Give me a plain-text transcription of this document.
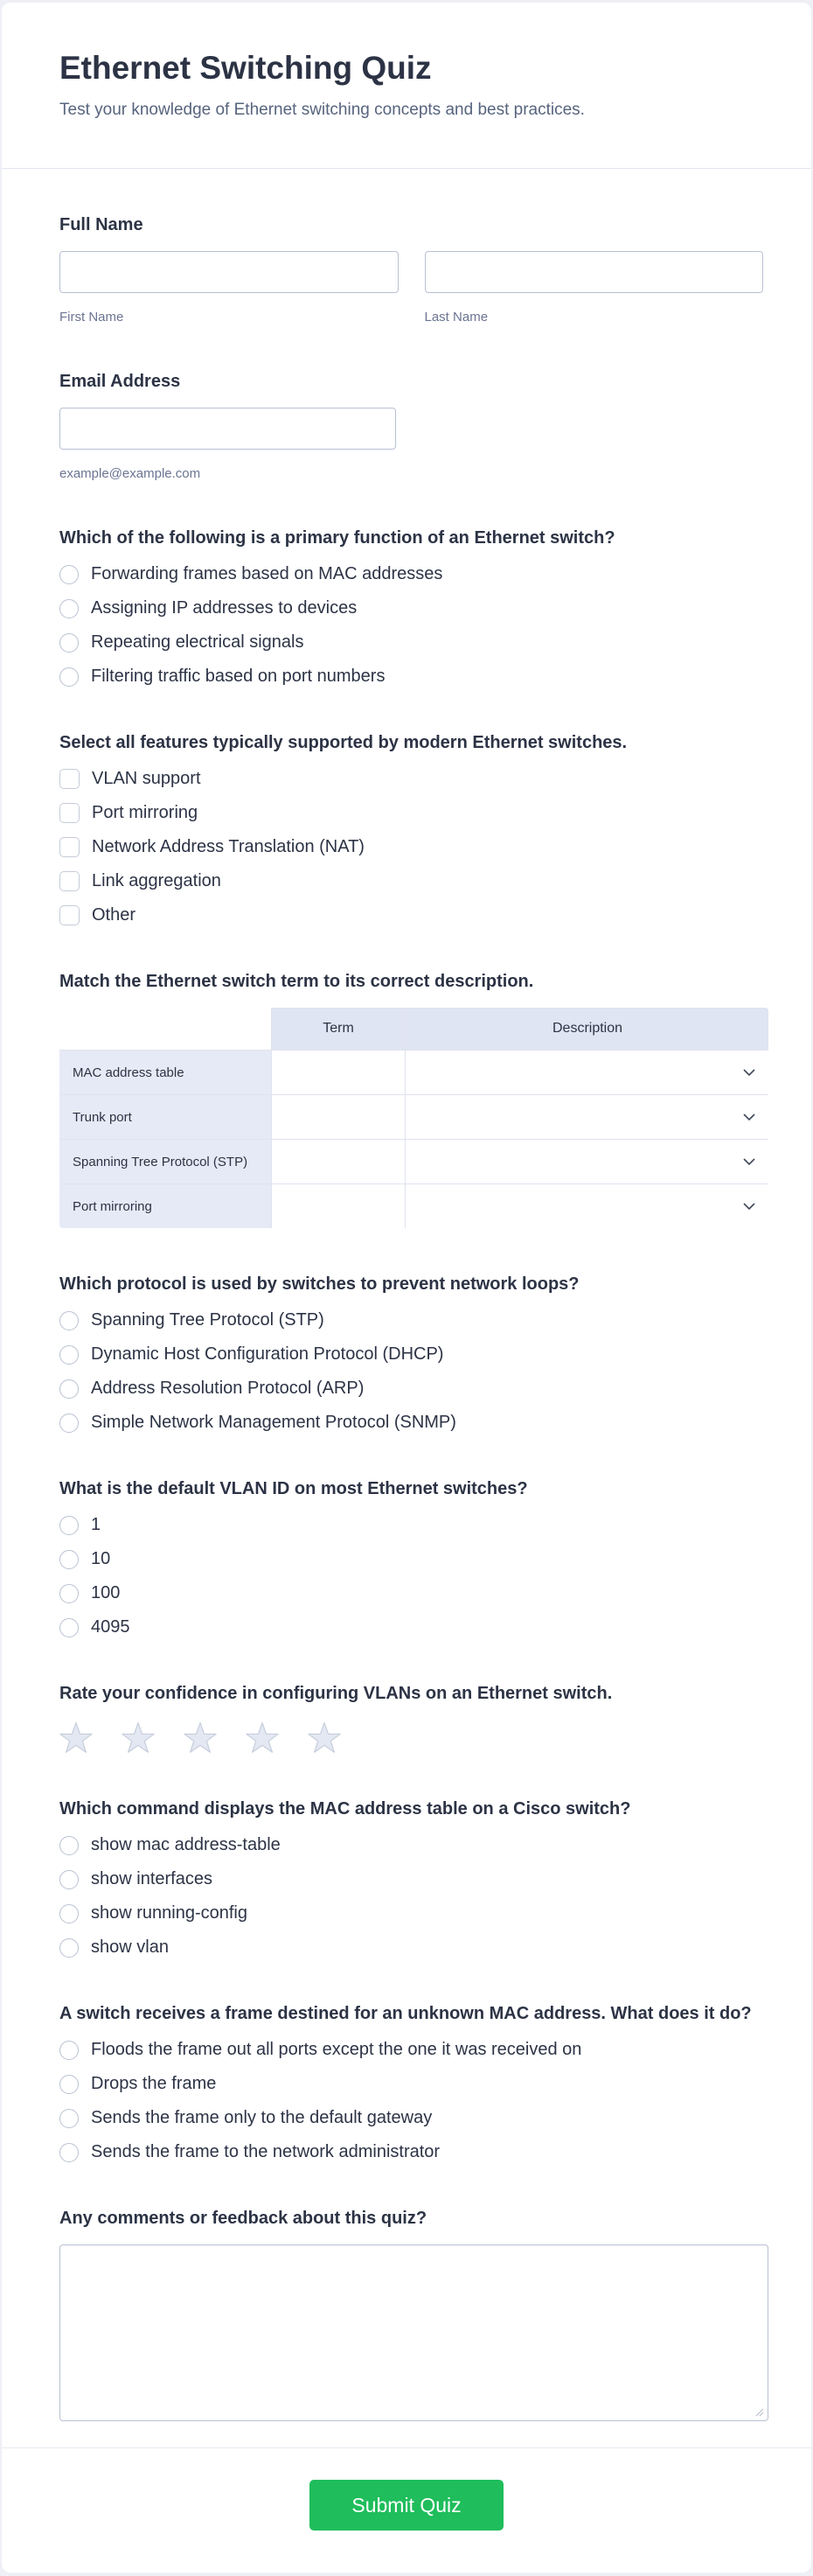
Ethernet Switching Quiz
Test your knowledge of Ethernet switching concepts and best practices.
Full Name
First Name	Last Name
Email Address
example@example.com
Which of the following is a primary function of an Ethernet switch?
Forwarding frames based on MAC addresses
Assigning IP addresses to devices
Repeating electrical signals
Filtering traffic based on port numbers
Select all features typically supported by modern Ethernet switches.
VLAN support
Port mirroring
Network Address Translation (NAT)
Link aggregation
Other
Match the Ethernet switch term to its correct description.
Term	Description
MAC address table
Trunk port
Spanning Tree Protocol (STP)
Port mirroring
Which protocol is used by switches to prevent network loops?
Spanning Tree Protocol (STP)
Dynamic Host Configuration Protocol (DHCP)
Address Resolution Protocol (ARP)
Simple Network Management Protocol (SNMP)
What is the default VLAN ID on most Ethernet switches?
1
10
100
4095
Rate your confidence in configuring VLANs on an Ethernet switch.
Which command displays the MAC address table on a Cisco switch?
show mac address-table
show interfaces
show running-config
show vlan
A switch receives a frame destined for an unknown MAC address. What does it do?
Floods the frame out all ports except the one it was received on
Drops the frame
Sends the frame only to the default gateway
Sends the frame to the network administrator
Any comments or feedback about this quiz?
Submit Quiz
